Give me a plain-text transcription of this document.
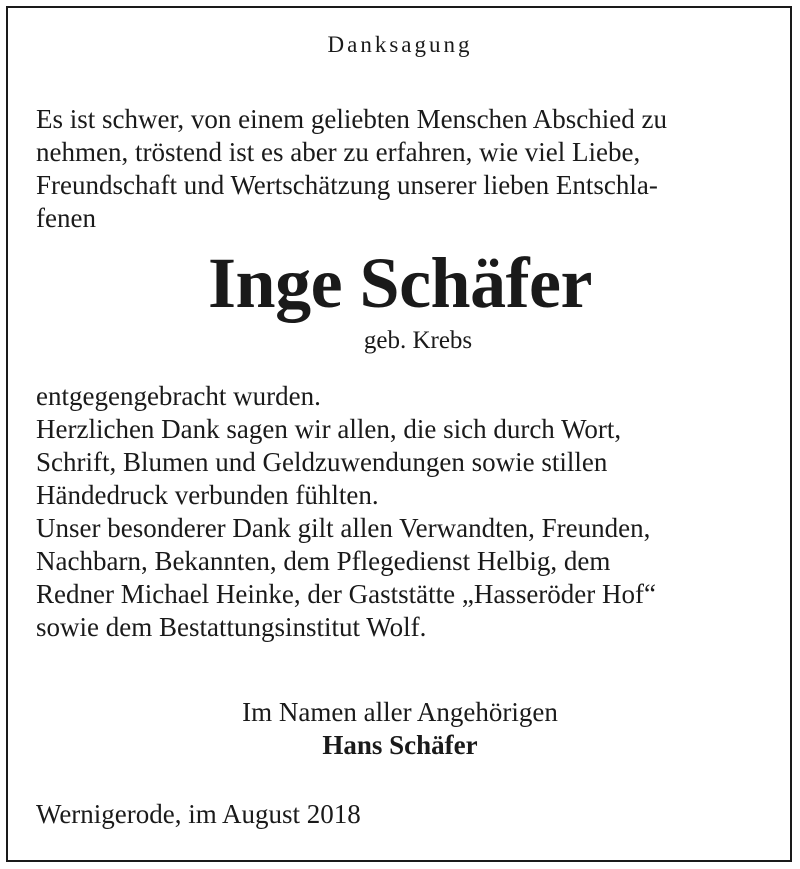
Danksagung
Es ist schwer, von einem geliebten Menschen Abschied zu
nehmen, tröstend ist es aber zu erfahren, wie viel Liebe,
Freundschaft und Wertschätzung unserer lieben Entschla-
fenen
Inge Schäfer
geb. Krebs
entgegengebracht wurden.
Herzlichen Dank sagen wir allen, die sich durch Wort,
Schrift, Blumen und Geldzuwendungen sowie stillen
Händedruck verbunden fühlten.
Unser besonderer Dank gilt allen Verwandten, Freunden,
Nachbarn, Bekannten, dem Pflegedienst Helbig, dem
Redner Michael Heinke, der Gaststätte „Hasseröder Hof“
sowie dem Bestattungsinstitut Wolf.
Im Namen aller Angehörigen
Hans Schäfer
Wernigerode, im August 2018
